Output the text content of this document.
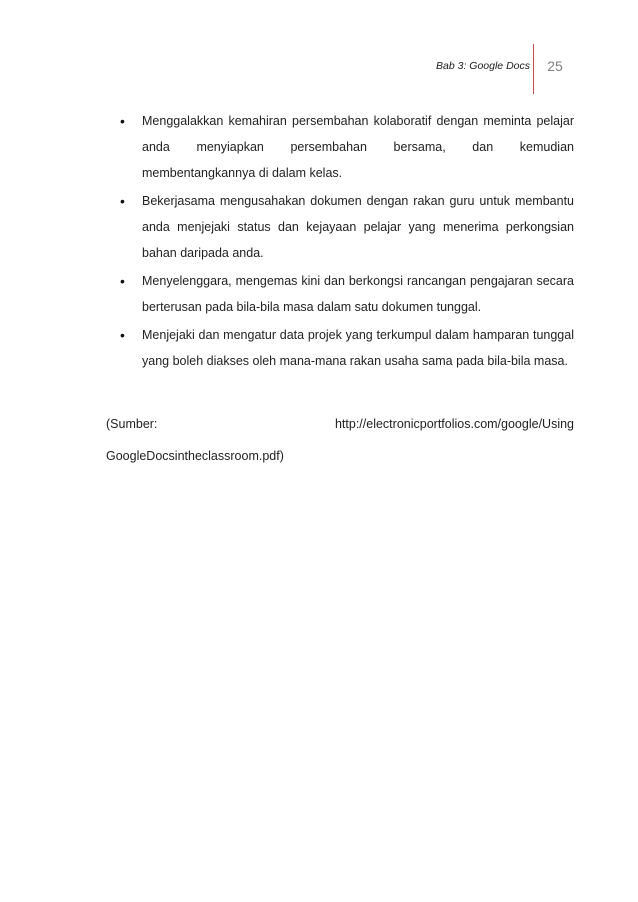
Bab 3: Google Docs	25
• Menggalakkan kemahiran persembahan kolaboratif dengan meminta pelajar anda menyiapkan persembahan bersama, dan kemudian membentangkannya di dalam kelas.
• Bekerjasama mengusahakan dokumen dengan rakan guru untuk membantu anda menjejaki status dan kejayaan pelajar yang menerima perkongsian bahan daripada anda.
• Menyelenggara, mengemas kini dan berkongsi rancangan pengajaran secara berterusan pada bila-bila masa dalam satu dokumen tunggal.
• Menjejaki dan mengatur data projek yang terkumpul dalam hamparan tunggal yang boleh diakses oleh mana-mana rakan usaha sama pada bila-bila masa.
(Sumber:	http://electronicportfolios.com/google/Using
GoogleDocsintheclassroom.pdf)
